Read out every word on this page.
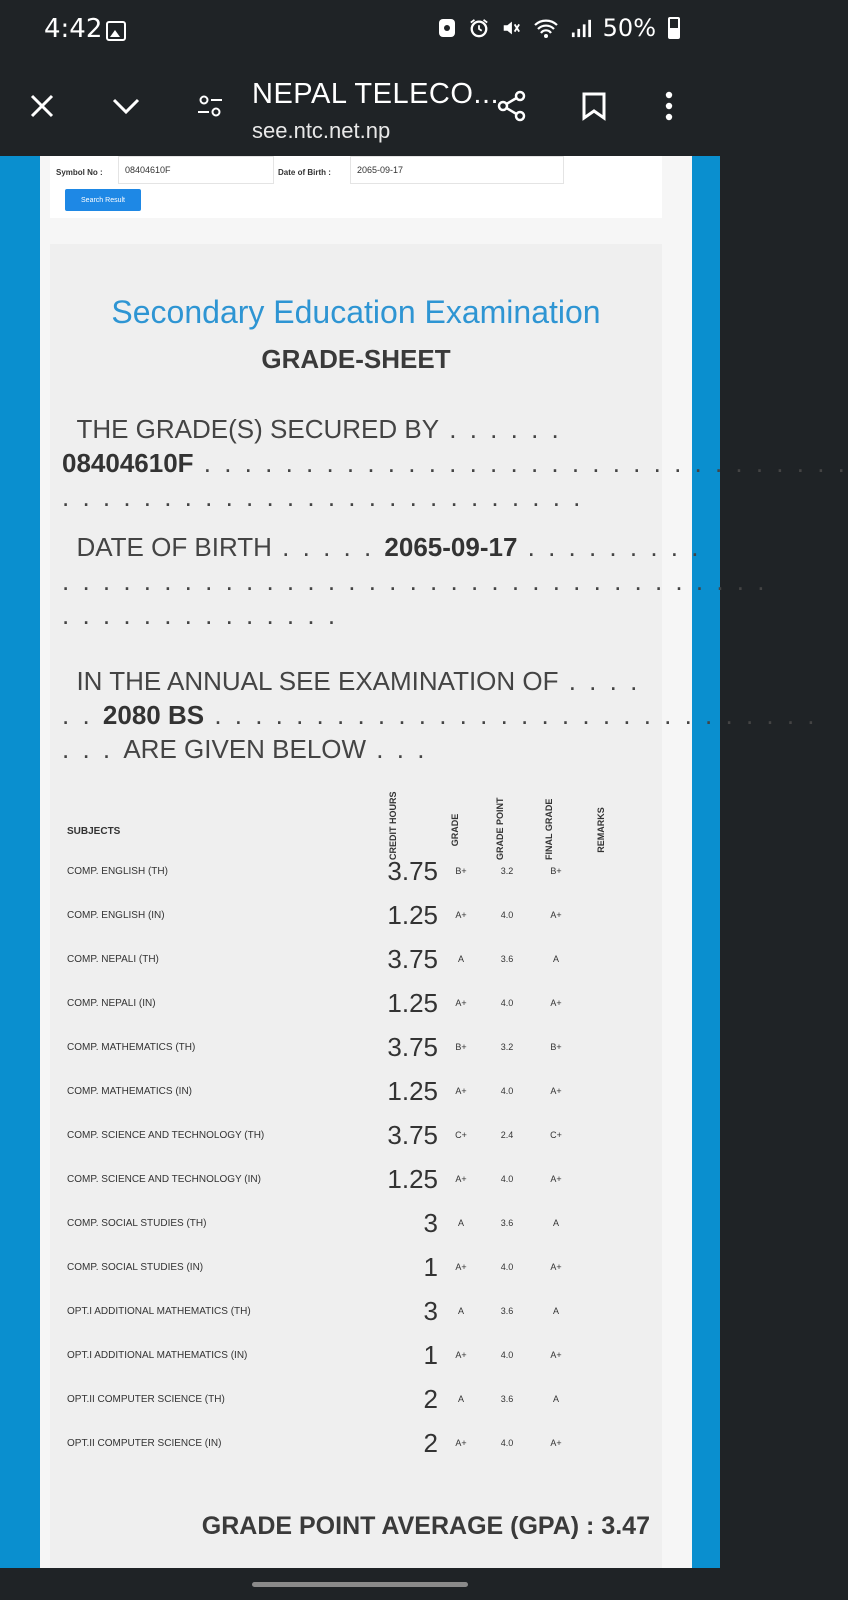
4:42	50%
NEPAL TELECO...
see.ntc.net.np
Symbol No :	08404610F	Date of Birth :	2065-09-17
Search Result
Secondary Education Examination
GRADE-SHEET
THE GRADE(S) SECURED BY . . . . . .
08404610F . . . . . . . . . . . . . . . . . . . . . . . . . . . . . . . .
. . . . . . . . . . . . . . . . . . . . . . . . . .
DATE OF BIRTH . . . . . 2065-09-17 . . . . . . . . .
. . . . . . . . . . . . . . . . . . . . . . . . . . . . . . . . . . .
. . . . . . . . . . . . . .
IN THE ANNUAL SEE EXAMINATION OF . . . .
. . 2080 BS . . . . . . . . . . . . . . . . . . . . . . . . . . . . . .
. . . ARE GIVEN BELOW . . .
SUBJECTS	CREDIT HOURS	GRADE	GRADE POINT	FINAL GRADE	REMARKS
COMP. ENGLISH (TH)	3.75	B+	3.2	B+
COMP. ENGLISH (IN)	1.25	A+	4.0	A+
COMP. NEPALI (TH)	3.75	A	3.6	A
COMP. NEPALI (IN)	1.25	A+	4.0	A+
COMP. MATHEMATICS (TH)	3.75	B+	3.2	B+
COMP. MATHEMATICS (IN)	1.25	A+	4.0	A+
COMP. SCIENCE AND TECHNOLOGY (TH)	3.75	C+	2.4	C+
COMP. SCIENCE AND TECHNOLOGY (IN)	1.25	A+	4.0	A+
COMP. SOCIAL STUDIES (TH)	3	A	3.6	A
COMP. SOCIAL STUDIES (IN)	1	A+	4.0	A+
OPT.I ADDITIONAL MATHEMATICS (TH)	3	A	3.6	A
OPT.I ADDITIONAL MATHEMATICS (IN)	1	A+	4.0	A+
OPT.II COMPUTER SCIENCE (TH)	2	A	3.6	A
OPT.II COMPUTER SCIENCE (IN)	2	A+	4.0	A+
GRADE POINT AVERAGE (GPA) : 3.47
